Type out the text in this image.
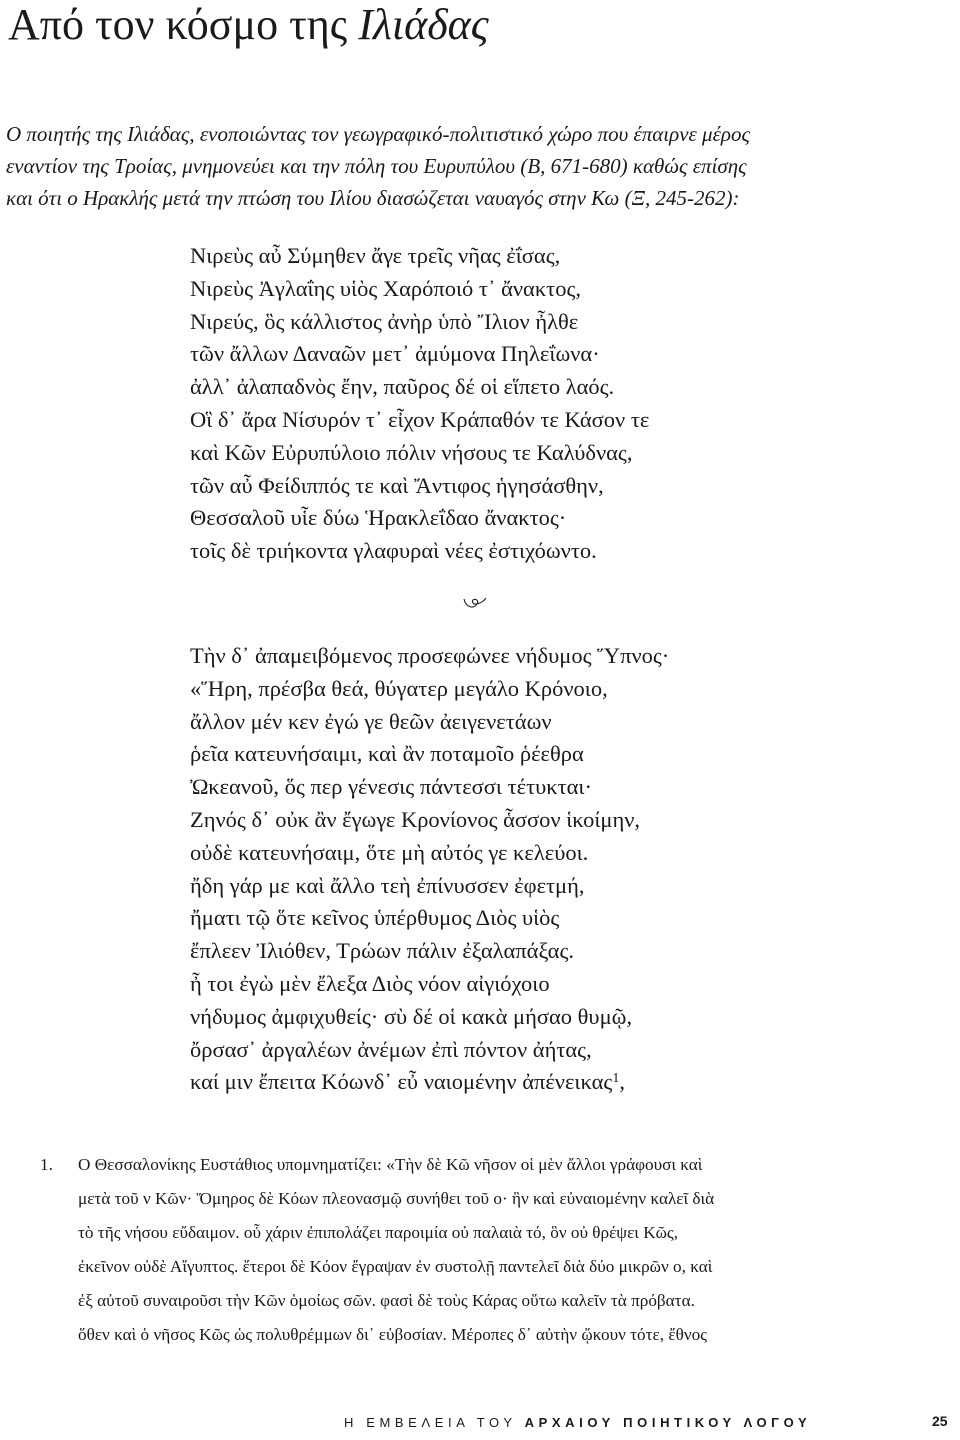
Από τον κόσμο της Ιλιάδας

Ο ποιητής της Ιλιάδας, ενοποιώντας τον γεωγραφικό-πολιτιστικό χώρο που έπαιρνε μέρος

εναντίον της Τροίας, μνημονεύει και την πόλη του Ευρυπύλου (Β, 671-680) καθώς επίσης

και ότι ο Ηρακλής μετά την πτώση του Ιλίου διασώζεται ναυαγός στην Κω (Ξ, 245-262):

Νιρεὺς αὖ Σύμηθεν ἄγε τρεῖς νῆας ἐΐσας,

Νιρεὺς Ἀγλαΐης υἱὸς Χαρόποιό τ᾽ ἄνακτος,

Νιρεύς, ὃς κάλλιστος ἀνὴρ ὑπὸ Ἴλιον ἦλθε

τῶν ἄλλων Δαναῶν μετ᾽ ἀμύμονα Πηλεΐωνα·

ἀλλ᾽ ἀλαπαδνὸς ἔην, παῦρος δέ οἱ εἵπετο λαός.

Οἳ δ᾽ ἄρα Νίσυρόν τ᾽ εἶχον Κράπαθόν τε Κάσον τε

καὶ Κῶν Εὐρυπύλοιο πόλιν νήσους τε Καλύδνας,

τῶν αὖ Φείδιππός τε καὶ Ἄντιφος ἡγησάσθην,

Θεσσαλοῦ υἷε δύω Ἡρακλεΐδαο ἄνακτος·

τοῖς δὲ τριήκοντα γλαφυραὶ νέες ἐστιχόωντο.

Τὴν δ᾽ ἀπαμειβόμενος προσεφώνεε νήδυμος Ὕπνος·

«Ἥρη, πρέσβα θεά, θύγατερ μεγάλο Κρόνοιο,

ἄλλον μέν κεν ἐγώ γε θεῶν ἀειγενετάων

ῥεῖα κατευνήσαιμι, καὶ ἂν ποταμοῖο ῥέεθρα

Ὠκεανοῦ, ὅς περ γένεσις πάντεσσι τέτυκται·

Ζηνός δ᾽ οὐκ ἂν ἔγωγε Κρονίονος ἇσσον ἱκοίμην,

οὐδὲ κατευνήσαιμ, ὅτε μὴ αὐτός γε κελεύοι.

ἤδη γάρ με καὶ ἄλλο τεὴ ἐπίνυσσεν ἐφετμή,

ἤματι τῷ ὅτε κεῖνος ὑπέρθυμος Διὸς υἱὸς

ἔπλεεν Ἰλιόθεν, Τρώων πάλιν ἐξαλαπάξας.

ἦ τοι ἐγὼ μὲν ἔλεξα Διὸς νόον αἰγιόχοιο

νήδυμος ἀμφιχυθείς· σὺ δέ οἱ κακὰ μήσαο θυμῷ,

ὄρσασ᾽ ἀργαλέων ἀνέμων ἐπὶ πόντον ἀήτας,

καί μιν ἔπειτα Κόωνδ᾽ εὖ ναιομένην ἀπένεικας$^1$,

1. Ο Θεσσαλονίκης Ευστάθιος υπομνηματίζει: «Τὴν δὲ Κῶ νῆσον οἱ μὲν ἄλλοι γράφουσι καὶ

μετὰ τοῦ ν Κῶν· Ὅμηρος δὲ Κόων πλεονασμῷ συνήθει τοῦ ο· ἣν καὶ εὐναιομένην καλεῖ διὰ

τὸ τῆς νήσου εὔδαιμον. οὗ χάριν ἐπιπολάζει παροιμία οὐ παλαιὰ τό, ὃν οὐ θρέψει Κῶς,

ἐκεῖνον οὐδὲ Αἴγυπτος. ἕτεροι δὲ Κόον ἔγραψαν ἐν συστολῇ παντελεῖ διὰ δύο μικρῶν ο, καὶ

ἐξ αὐτοῦ συναιροῦσι τὴν Κῶν ὁμοίως σῶν. φασὶ δὲ τοὺς Κάρας οὕτω καλεῖν τὰ πρόβατα.

ὅθεν καὶ ὁ νῆσος Κῶς ὡς πολυθρέμμων δι᾽ εὐβοσίαν. Μέροπες δ᾽ αὐτὴν ᾤκουν τότε, ἔθνος

Η ΕΜΒΕΛΕΙΑ ΤΟΥ ΑΡΧΑΙΟΥ ΠΟΙΗΤΙΚΟΥ ΛΟΓΟΥ	25
